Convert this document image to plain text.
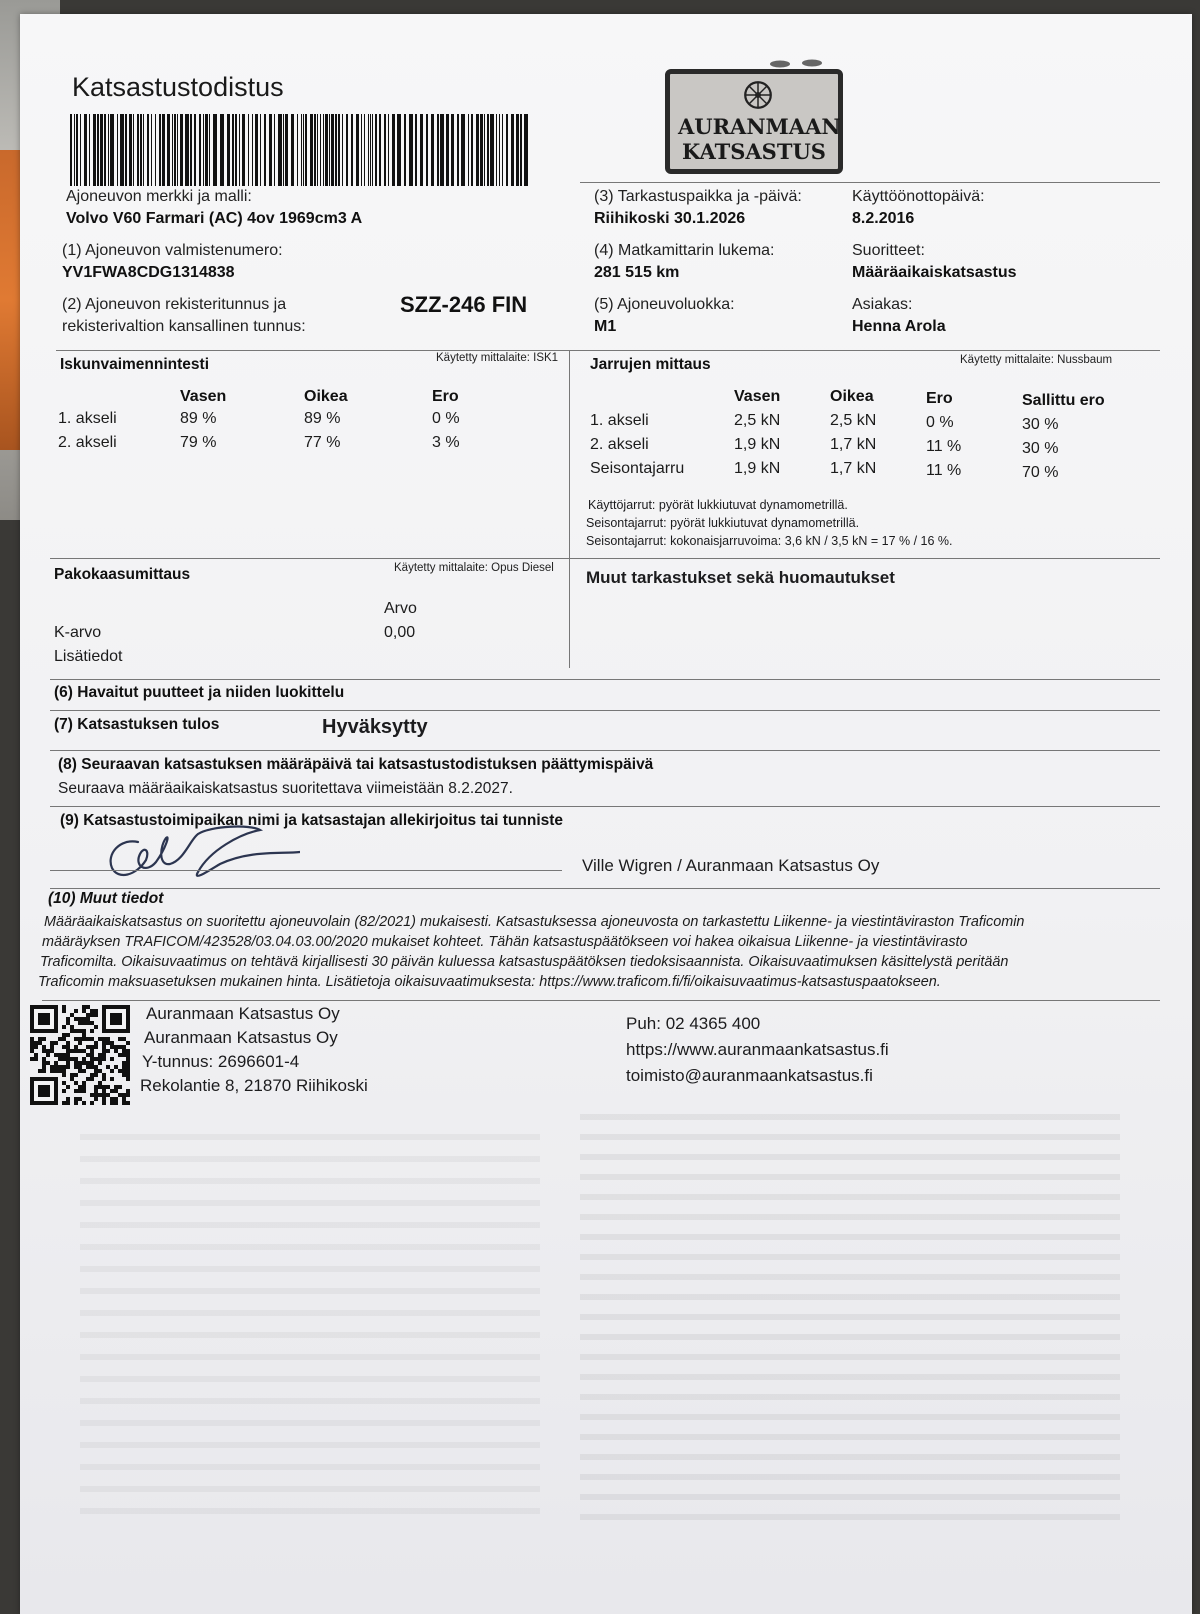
Katsastustodistus
AURANMAAN
KATSASTUS
Ajoneuvon merkki ja malli:
Volvo V60 Farmari (AC) 4ov 1969cm3 A
(1) Ajoneuvon valmistenumero:
YV1FWA8CDG1314838
(2) Ajoneuvon rekisteritunnus ja
rekisterivaltion kansallinen tunnus:
SZZ-246 FIN
(3) Tarkastuspaikka ja -päivä:
Riihikoski 30.1.2026
(4) Matkamittarin lukema:
281 515 km
(5) Ajoneuvoluokka:
M1
Käyttöönottopäivä:
8.2.2016
Suoritteet:
Määräaikaiskatsastus
Asiakas:
Henna Arola
Iskunvaimennintesti	Käytetty mittalaite: ISK1
Vasen	Oikea	Ero
1. akseli	89 %	89 %	0 %
2. akseli	79 %	77 %	3 %
Jarrujen mittaus	Käytetty mittalaite: Nussbaum
Vasen	Oikea	Ero	Sallittu ero
1. akseli	2,5 kN	2,5 kN	0 %	30 %
2. akseli	1,9 kN	1,7 kN	11 %	30 %
Seisontajarru	1,9 kN	1,7 kN	11 %	70 %
Käyttöjarrut: pyörät lukkiutuvat dynamometrillä.
Seisontajarrut: pyörät lukkiutuvat dynamometrillä.
Seisontajarrut: kokonaisjarruvoima: 3,6 kN / 3,5 kN = 17 % / 16 %.
Pakokaasumittaus	Käytetty mittalaite: Opus Diesel
Arvo
K-arvo	0,00
Lisätiedot
Muut tarkastukset sekä huomautukset
(6) Havaitut puutteet ja niiden luokittelu
(7) Katsastuksen tulos	Hyväksytty
(8) Seuraavan katsastuksen määräpäivä tai katsastustodistuksen päättymispäivä
Seuraava määräaikaiskatsastus suoritettava viimeistään 8.2.2027.
(9) Katsastustoimipaikan nimi ja katsastajan allekirjoitus tai tunniste
Ville Wigren / Auranmaan Katsastus Oy
(10) Muut tiedot
Määräaikaiskatsastus on suoritettu ajoneuvolain (82/2021) mukaisesti. Katsastuksessa ajoneuvosta on tarkastettu Liikenne- ja viestintäviraston Traficomin
määräyksen TRAFICOM/423528/03.04.03.00/2020 mukaiset kohteet. Tähän katsastuspäätökseen voi hakea oikaisua Liikenne- ja viestintävirasto
Traficomilta. Oikaisuvaatimus on tehtävä kirjallisesti 30 päivän kuluessa katsastuspäätöksen tiedoksisaannista. Oikaisuvaatimuksen käsittelystä peritään
Traficomin maksuasetuksen mukainen hinta. Lisätietoja oikaisuvaatimuksesta: https://www.traficom.fi/fi/oikaisuvaatimus-katsastuspaatokseen.
Auranmaan Katsastus Oy
Auranmaan Katsastus Oy
Y-tunnus: 2696601-4
Rekolantie 8, 21870 Riihikoski
Puh: 02 4365 400
https://www.auranmaankatsastus.fi
toimisto@auranmaankatsastus.fi
